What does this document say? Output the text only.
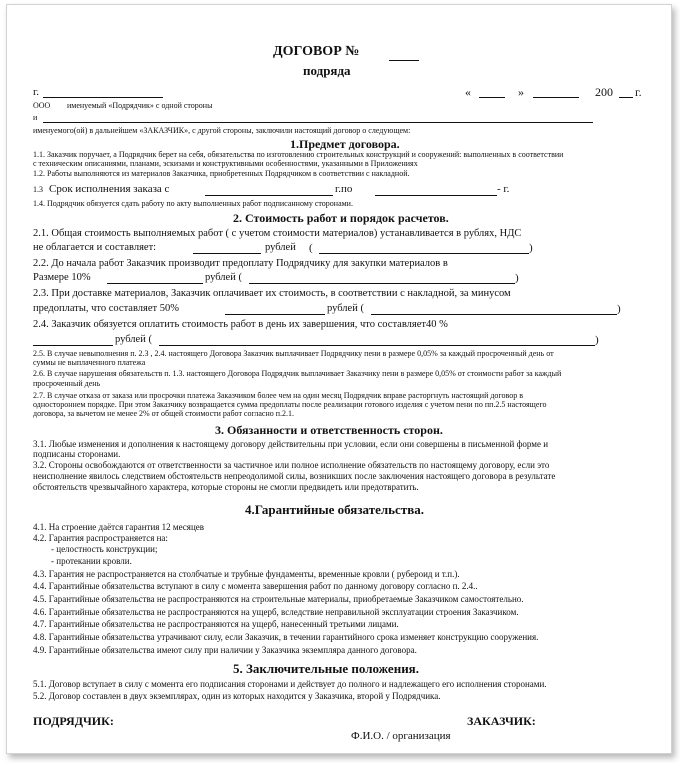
ДОГОВОР №
подряда
г.	«	»	200 г.
ООО именуемый «Подрядчик» с одной стороны
и
именуемого(ой) в дальнейшем «ЗАКАЗЧИК», с другой стороны, заключили настоящий договор о следующем:
1.Предмет договора.
1.1. Заказчик поручает, а Подрядчик берет на себя, обязательства по изготовлению строительных конструкций и сооружений: выполненных в соответствии
с техническим описаниями, планами, эскизами и конструктивными особенностями, указанными в Приложениях
1.2. Работы выполняются из материалов Заказчика, приобретенных Подрядчиком в соответствии с накладной.
1.3 Срок исполнения заказа с	г.по	- г.
1.4. Подрядчик обязуется сдать работу по акту выполненных работ подписанному сторонами.
2. Стоимость работ и порядок расчетов.
2.1. Общая стоимость выполняемых работ ( с учетом стоимости материалов) устанавливается в рублях, НДС
не облагается и составляет:	рублей (	)
2.2. До начала работ Заказчик производит предоплату Подрядчику для закупки материалов в
Размере 10%	рублей (	)
2.3. При доставке материалов, Заказчик оплачивает их стоимость, в соответствии с накладной, за минусом
предоплаты, что составляет 50%	рублей (	)
2.4. Заказчик обязуется оплатить стоимость работ в день их завершения, что составляет40 %
рублей (	)
2.5. В случае невыполнения п. 2.3 , 2.4. настоящего Договора Заказчик выплачивает Подрядчику пени в размере 0,05% за каждый просроченный день от
суммы не выплаченного платежа
2.6. В случае нарушения обязательств п. 1.3. настоящего Договора Подрядчик выплачивает Заказчику пени в размере 0,05% от стоимости работ за каждый
просроченный день
2.7. В случае отказа от заказа или просрочки платежа Заказчиком более чем на один месяц Подрядчик вправе расторгнуть настоящий договор в
одностороннем порядке. При этом Заказчику возвращается сумма предоплаты после реализации готового изделия с учетом пени по пп.2.5 настоящего
договора, за вычетом не менее 2% от общей стоимости работ согласно п.2.1.
3. Обязанности и ответственность сторон.
3.1. Любые изменения и дополнения к настоящему договору действительны при условии, если они совершены в письменной форме и
подписаны сторонами.
3.2. Стороны освобождаются от ответственности за частичное или полное исполнение обязательств по настоящему договору, если это
неисполнение явилось следствием обстоятельств непреодолимой силы, возникших после заключения настоящего договора в результате
обстоятельств чрезвычайного характера, которые стороны не смогли предвидеть или предотвратить.
4.Гарантийные обязательства.
4.1. На строение даётся гарантия 12 месяцев
4.2. Гарантия распространяется на:
- целостность конструкции;
- протекании кровли.
4.3. Гарантия не распространяется на столбчатые и трубные фундаменты, временные кровли ( рубероид и т.п.).
4.4. Гарантийные обязательства вступают в силу с момента завершения работ по данному договору согласно п. 2.4..
4.5. Гарантийные обязательства не распространяются на строительные материалы, приобретаемые Заказчиком самостоятельно.
4.6. Гарантийные обязательства не распространяются на ущерб, вследствие неправильной эксплуатации строения Заказчиком.
4.7. Гарантийные обязательства не распространяются на ущерб, нанесенный третьими лицами.
4.8. Гарантийные обязательства утрачивают силу, если Заказчик, в течении гарантийного срока изменяет конструкцию сооружения.
4.9. Гарантийные обязательства имеют силу при наличии у Заказчика экземпляра данного договора.
5. Заключительные положения.
5.1. Договор вступает в силу с момента его подписания сторонами и действует до полного и надлежащего его исполнения сторонами.
5.2. Договор составлен в двух экземплярах, один из которых находится у Заказчика, второй у Подрядчика.
ПОДРЯДЧИК:	ЗАКАЗЧИК:
Ф.И.О. / организация
